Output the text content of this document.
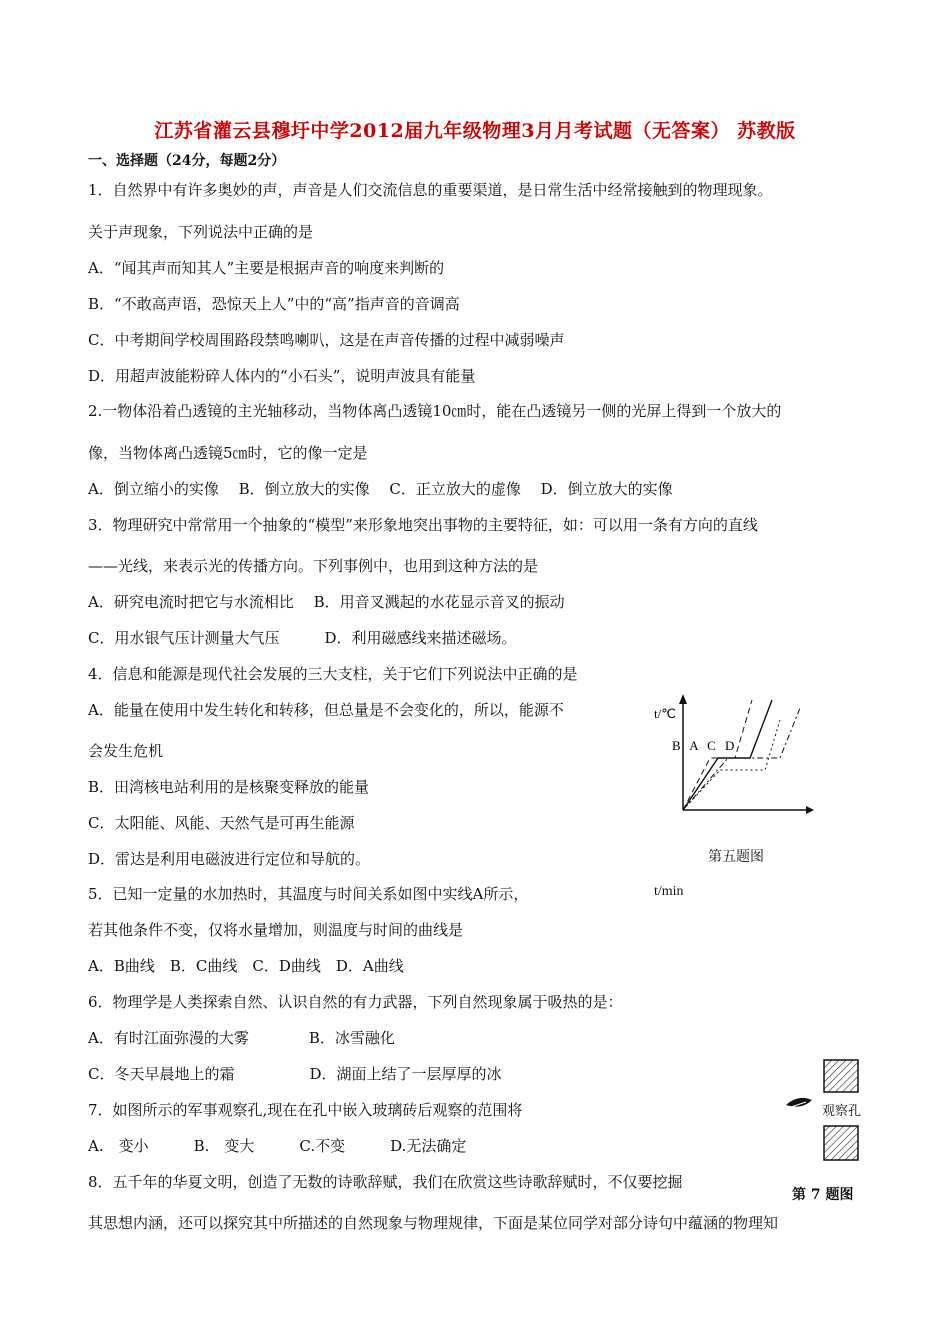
江苏省灌云县穆圩中学2012届九年级物理3月月考试题（无答案） 苏教版
一、选择题（24分，每题2分）
1．自然界中有许多奥妙的声，声音是人们交流信息的重要渠道，是日常生活中经常接触到的物理现象。
关于声现象，下列说法中正确的是
A．“闻其声而知其人”主要是根据声音的响度来判断的
B．“不敢高声语，恐惊天上人”中的“高”指声音的音调高
C．中考期间学校周围路段禁鸣喇叭，这是在声音传播的过程中减弱噪声
D．用超声波能粉碎人体内的“小石头”，说明声波具有能量
2.一物体沿着凸透镜的主光轴移动，当物体离凸透镜10㎝时，能在凸透镜另一侧的光屏上得到一个放大的
像，当物体离凸透镜5㎝时，它的像一定是
A．倒立缩小的实像　 B．倒立放大的实像　 C．正立放大的虚像　 D．倒立放大的实像
3．物理研究中常常用一个抽象的“模型”来形象地突出事物的主要特征，如：可以用一条有方向的直线
——光线，来表示光的传播方向。下列事例中，也用到这种方法的是
A．研究电流时把它与水流相比　 B．用音叉溅起的水花显示音叉的振动
C．用水银气压计测量大气压　　　D．利用磁感线来描述磁场。
4．信息和能源是现代社会发展的三大支柱，关于它们下列说法中正确的是
A．能量在使用中发生转化和转移，但总量是不会变化的，所以，能源不
会发生危机
B．田湾核电站利用的是核聚变释放的能量
C．太阳能、风能、天然气是可再生能源
D．雷达是利用电磁波进行定位和导航的。
5．已知一定量的水加热时，其温度与时间关系如图中实线A所示，
若其他条件不变，仅将水量增加，则温度与时间的曲线是
A．B曲线　B．C曲线　C．D曲线　D．A曲线
6．物理学是人类探索自然、认识自然的有力武器，下列自然现象属于吸热的是：
A．有时江面弥漫的大雾　　　　B．冰雪融化
C．冬天早晨地上的霜　　　　　D．湖面上结了一层厚厚的冰
7．如图所示的军事观察孔,现在在孔中嵌入玻璃砖后观察的范围将
A.　变小　　　B.　变大　　　C.不变　　　D.无法确定
8．五千年的华夏文明，创造了无数的诗歌辞赋，我们在欣赏这些诗歌辞赋时，不仅要挖掘
其思想内涵，还可以探究其中所描述的自然现象与物理规律，下面是某位同学对部分诗句中蕴涵的物理知
t/℃
B A C D
第五题图
t/min
观察孔
第 7 题图
